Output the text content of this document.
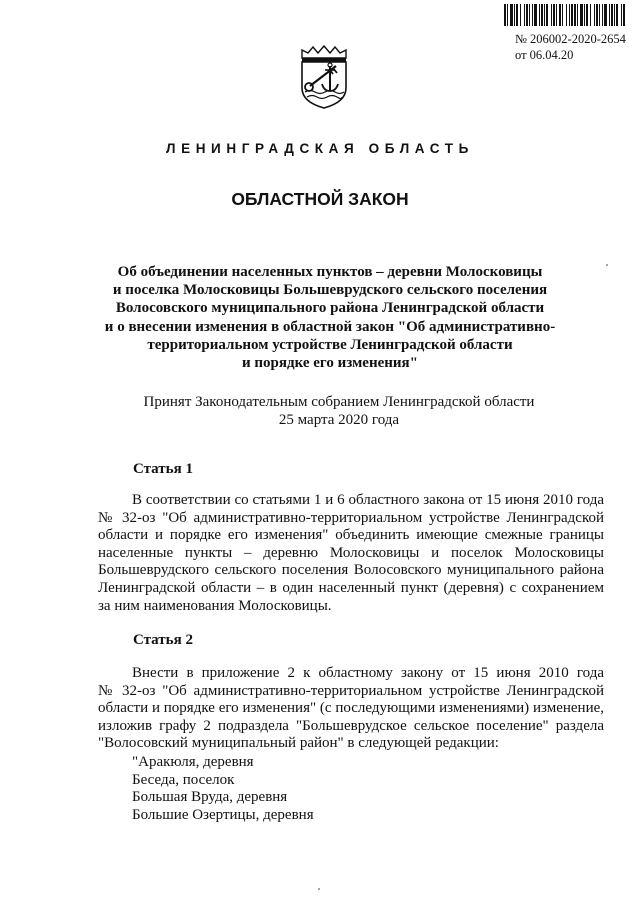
№ 206002-2020-2654
от 06.04.20
ЛЕНИНГРАДСКАЯ ОБЛАСТЬ
ОБЛАСТНОЙ ЗАКОН
Об объединении населенных пунктов – деревни Молосковицы
и поселка Молосковицы Большеврудского сельского поселения
Волосовского муниципального района Ленинградской области
и о внесении изменения в областной закон "Об административно-
территориальном устройстве Ленинградской области
и порядке его изменения"
Принят Законодательным собранием Ленинградской области
25 марта 2020 года
Статья 1
В соответствии со статьями 1 и 6 областного закона от 15 июня 2010 года
№ 32-оз "Об административно-территориальном устройстве Ленинградской
области и порядке его изменения" объединить имеющие смежные границы
населенные пункты – деревню Молосковицы и поселок Молосковицы
Большеврудского сельского поселения Волосовского муниципального района
Ленинградской области – в один населенный пункт (деревня) с сохранением
за ним наименования Молосковицы.
Статья 2
Внести в приложение 2 к областному закону от 15 июня 2010 года
№ 32-оз "Об административно-территориальном устройстве Ленинградской
области и порядке его изменения" (с последующими изменениями) изменение,
изложив графу 2 подраздела "Большеврудское сельское поселение" раздела
"Волосовский муниципальный район" в следующей редакции:
"Аракюля, деревня
Беседа, поселок
Большая Вруда, деревня
Большие Озертицы, деревня
